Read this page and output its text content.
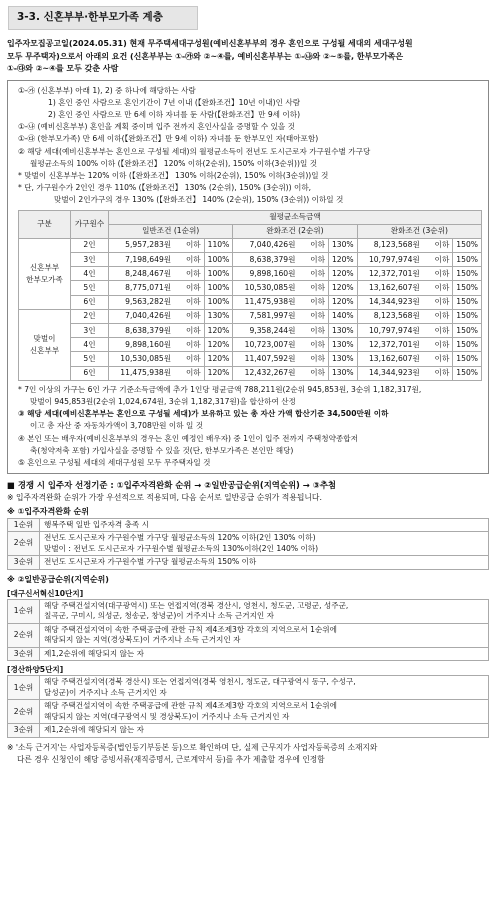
3-3. 신혼부부·한부모가족 계층
입주자모집공고일(2024.05.31) 현재 무주택세대구성원(예비신혼부부의 경우 혼인으로 구성될 세대의 세대구성원
모두 무주택자)으로서 아래의 요건 (신혼부부는 ①-㉮와 ②~④를, 예비신혼부부는 ①-㉯와 ②~⑤를, 한부모가족은
①-㉰와 ②~④를 모두 갖춘 사람

①-㉮ (신혼부부) 아래 1), 2) 중 하나에 해당하는 사람

1) 혼인 중인 사람으로 혼인기간이 7년 이내 (【완화조건】10년 이내)인 사람

2) 혼인 중인 사람으로 만 6세 이하 자녀를 둔 사람(【완화조건】만 9세 이하)

①-㉯ (예비신혼부부) 혼인을 계획 중이며 입주 전까지 혼인사실을 증명할 수 있을 것

①-㉰ (한부모가족) 만 6세 이하(【완화조건】만 9세 이하) 자녀를 둔 한부모인 자(태아포함)

② 해당 세대(예비신혼부부는 혼인으로 구성될 세대)의 월평균소득이 전년도 도시근로자 가구원수별 가구당

월평균소득의 100% 이하 (【완화조건】 120% 이하(2순위), 150% 이하(3순위))일 것

* 맞벌이 신혼부부는 120% 이하 (【완화조건】 130% 이하(2순위), 150% 이하(3순위))일 것

* 단, 가구원수가 2인인 경우 110% (【완화조건】 130% (2순위), 150% (3순위)) 이하,

맞벌이 2인가구의 경우 130% (【완화조건】 140% (2순위), 150% (3순위)) 이하일 것

구분	가구원수	월평균소득금액								
		일반조건 (1순위)			완화조건 (2순위)			완화조건 (3순위)		
신혼부부
한부모가족	2인	5,957,283원	이하	110%	7,040,426원	이하	130%	8,123,568원	이하	150%
	3인	7,198,649원	이하	100%	8,638,379원	이하	120%	10,797,974원	이하	150%
	4인	8,248,467원	이하	100%	9,898,160원	이하	120%	12,372,701원	이하	150%
	5인	8,775,071원	이하	100%	10,530,085원	이하	120%	13,162,607원	이하	150%
	6인	9,563,282원	이하	100%	11,475,938원	이하	120%	14,344,923원	이하	150%
맞벌이
신혼부부	2인	7,040,426원	이하	130%	7,581,997원	이하	140%	8,123,568원	이하	150%
	3인	8,638,379원	이하	120%	9,358,244원	이하	130%	10,797,974원	이하	150%
	4인	9,898,160원	이하	120%	10,723,007원	이하	130%	12,372,701원	이하	150%
	5인	10,530,085원	이하	120%	11,407,592원	이하	130%	13,162,607원	이하	150%
	6인	11,475,938원	이하	120%	12,432,267원	이하	130%	14,344,923원	이하	150%

* 7인 이상의 가구는 6인 가구 기준소득금액에 추가 1인당 평균금액 788,211원(2순위 945,853원, 3순위 1,182,317원,

맞벌이 945,853원(2순위 1,024,674원, 3순위 1,182,317원)을 합산하여 산정

③ 해당 세대(예비신혼부부는 혼인으로 구성될 세대)가 보유하고 있는 총 자산 가액 합산기준 34,500만원 이하

이고 총 자산 중 자동차가액이 3,708만원 이하 일 것

④ 본인 또는 배우자(예비신혼부부의 경우는 혼인 예정인 배우자) 중 1인이 입주 전까지 주택청약종합저

축(청약저축 포함) 가입사실을 증명할 수 있을 것(단, 한부모가족은 본인만 해당)

⑤ 혼인으로 구성될 세대의 세대구성원 모두 무주택자일 것

■ 경쟁 시 입주자 선정기준 : ①입주자격완화 순위 → ②일반공급순위(지역순위) → ③추첨
※ 입주자격완화 순위가 가장 우선적으로 적용되며, 다음 순서로 일반공급 순위가 적용됩니다.
※ ①입주자격완화 순위
1순위	행복주택 일반 입주자격 충족 시
2순위	전년도 도시근로자 가구원수별 가구당 월평균소득의 120% 이하(2인 130% 이하)
맞벌이 : 전년도 도시근로자 가구원수별 월평균소득의 130%이하(2인 140% 이하)
3순위	전년도 도시근로자 가구원수별 가구당 월평균소득의 150% 이하
※ ②일반공급순위(지역순위)
[대구신서혁신10단지]
1순위	해당 주택건설지역(대구광역시) 또는 연접지역(경북 경산시, 영천시, 청도군, 고령군, 성주군,
칠곡군, 구미시, 의성군, 청송군, 창녕군)이 거주지나 소득 근거지인 자
2순위	해당 주택건설지역이 속한 주택공급에 관한 규칙 제4조제3항 각호의 지역으로서 1순위에
해당되지 않는 지역(경상북도)이 거주지나 소득 근거지인 자
3순위	제1,2순위에 해당되지 않는 자
[경산하양5단지]
1순위	해당 주택건설지역(경북 경산시) 또는 연접지역(경북 영천시, 청도군, 대구광역시 동구, 수성구,
달성군)이 거주지나 소득 근거지인 자
2순위	해당 주택건설지역이 속한 주택공급에 관한 규칙 제4조제3항 각호의 지역으로서 1순위에
해당되지 않는 지역(대구광역시 및 경상북도)이 거주지나 소득 근거지인 자
3순위	제1,2순위에 해당되지 않는 자
※ '소득 근거지'는 사업자등록증(법인등기부등본 등)으로 확인하며 단, 실제 근무지가 사업자등록증의 소재지와
다른 경우 신청인이 해당 증빙서류(재직증명서, 근로계약서 등)를 추가 제출할 경우에 인정함
